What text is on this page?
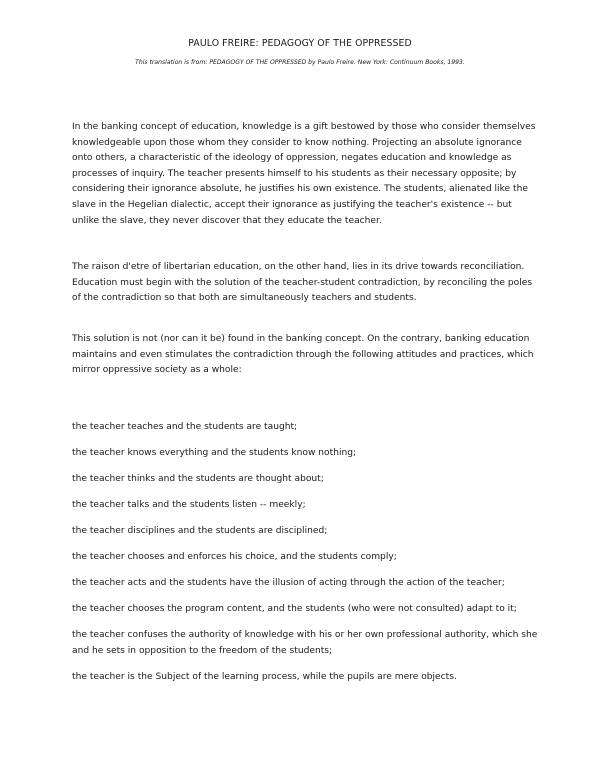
PAULO FREIRE: PEDAGOGY OF THE OPPRESSED
This translation is from: PEDAGOGY OF THE OPPRESSED by Paulo Freire. New York: Continuum Books, 1993.
In the banking concept of education, knowledge is a gift bestowed by those who consider themselves knowledgeable upon those whom they consider to know nothing. Projecting an absolute ignorance onto others, a characteristic of the ideology of oppression, negates education and knowledge as processes of inquiry. The teacher presents himself to his students as their necessary opposite; by considering their ignorance absolute, he justifies his own existence. The students, alienated like the slave in the Hegelian dialectic, accept their ignorance as justifying the teacher's existence -- but unlike the slave, they never discover that they educate the teacher.
The raison d'etre of libertarian education, on the other hand, lies in its drive towards reconciliation. Education must begin with the solution of the teacher-student contradiction, by reconciling the poles of the contradiction so that both are simultaneously teachers and students.
This solution is not (nor can it be) found in the banking concept. On the contrary, banking education maintains and even stimulates the contradiction through the following attitudes and practices, which mirror oppressive society as a whole:
the teacher teaches and the students are taught;
the teacher knows everything and the students know nothing;
the teacher thinks and the students are thought about;
the teacher talks and the students listen -- meekly;
the teacher disciplines and the students are disciplined;
the teacher chooses and enforces his choice, and the students comply;
the teacher acts and the students have the illusion of acting through the action of the teacher;
the teacher chooses the program content, and the students (who were not consulted) adapt to it;
the teacher confuses the authority of knowledge with his or her own professional authority, which she and he sets in opposition to the freedom of the students;
the teacher is the Subject of the learning process, while the pupils are mere objects.
